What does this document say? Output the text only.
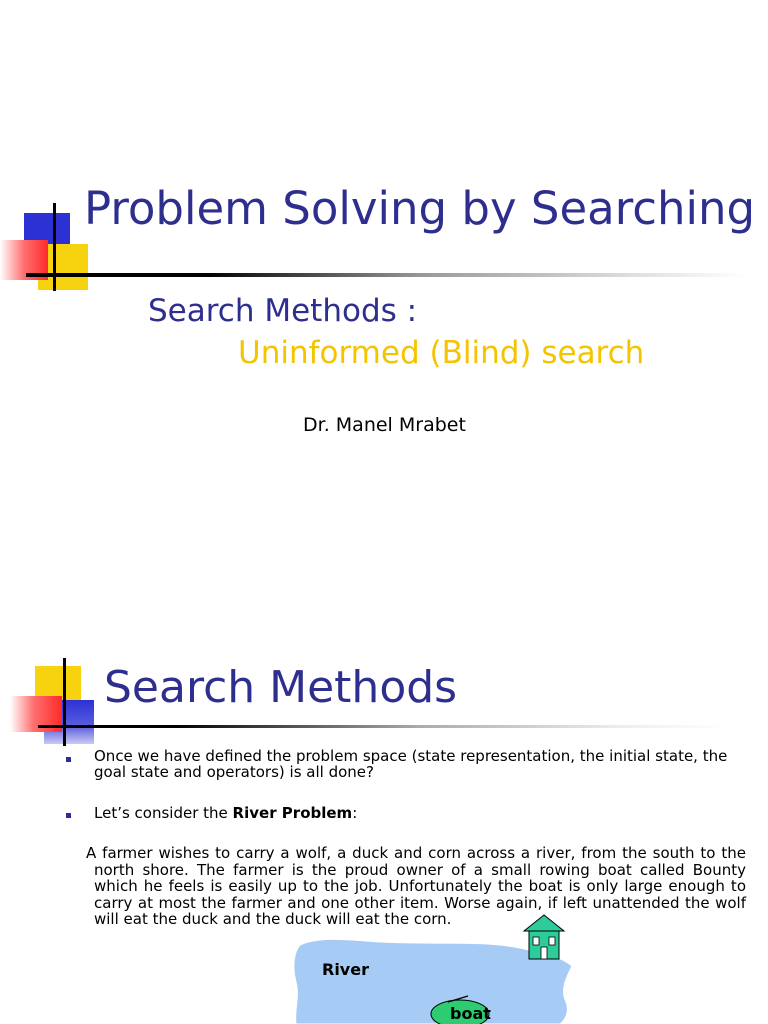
Problem Solving by Searching
Search Methods :
Uninformed (Blind) search
Dr. Manel Mrabet
Search Methods
Once we have defined the problem space (state representation, the initial state, the goal state and operators) is all done?
Let’s consider the River Problem:
A farmer wishes to carry a wolf, a duck and corn across a river, from the south to the north shore. The farmer is the proud owner of a small rowing boat called Bounty which he feels is easily up to the job. Unfortunately the boat is only large enough to carry at most the farmer and one other item. Worse again, if left unattended the wolf will eat the duck and the duck will eat the corn.
River
boat
